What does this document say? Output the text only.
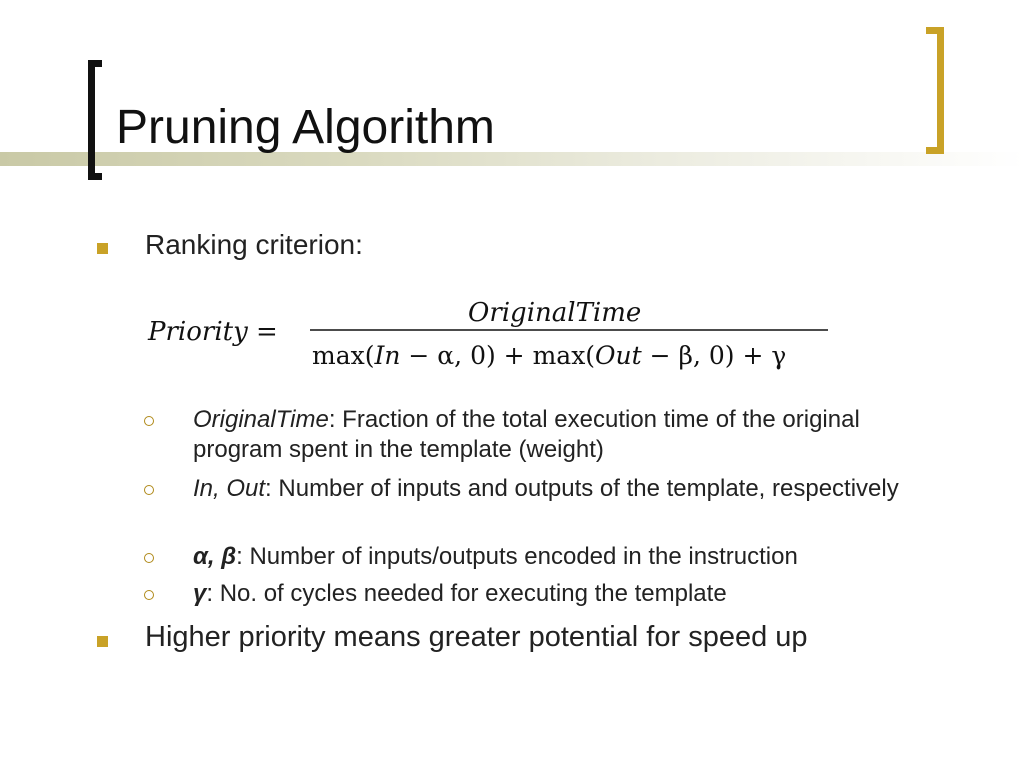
Pruning Algorithm
Ranking criterion:
Priority =
OriginalTime
max(In − α, 0) + max(Out − β, 0) + γ
OriginalTime: Fraction of the total execution time of the original program spent in the template (weight)
In, Out: Number of inputs and outputs of the template, respectively
α, β: Number of inputs/outputs encoded in the instruction
γ: No. of cycles needed for executing the template
Higher priority means greater potential for speed up
